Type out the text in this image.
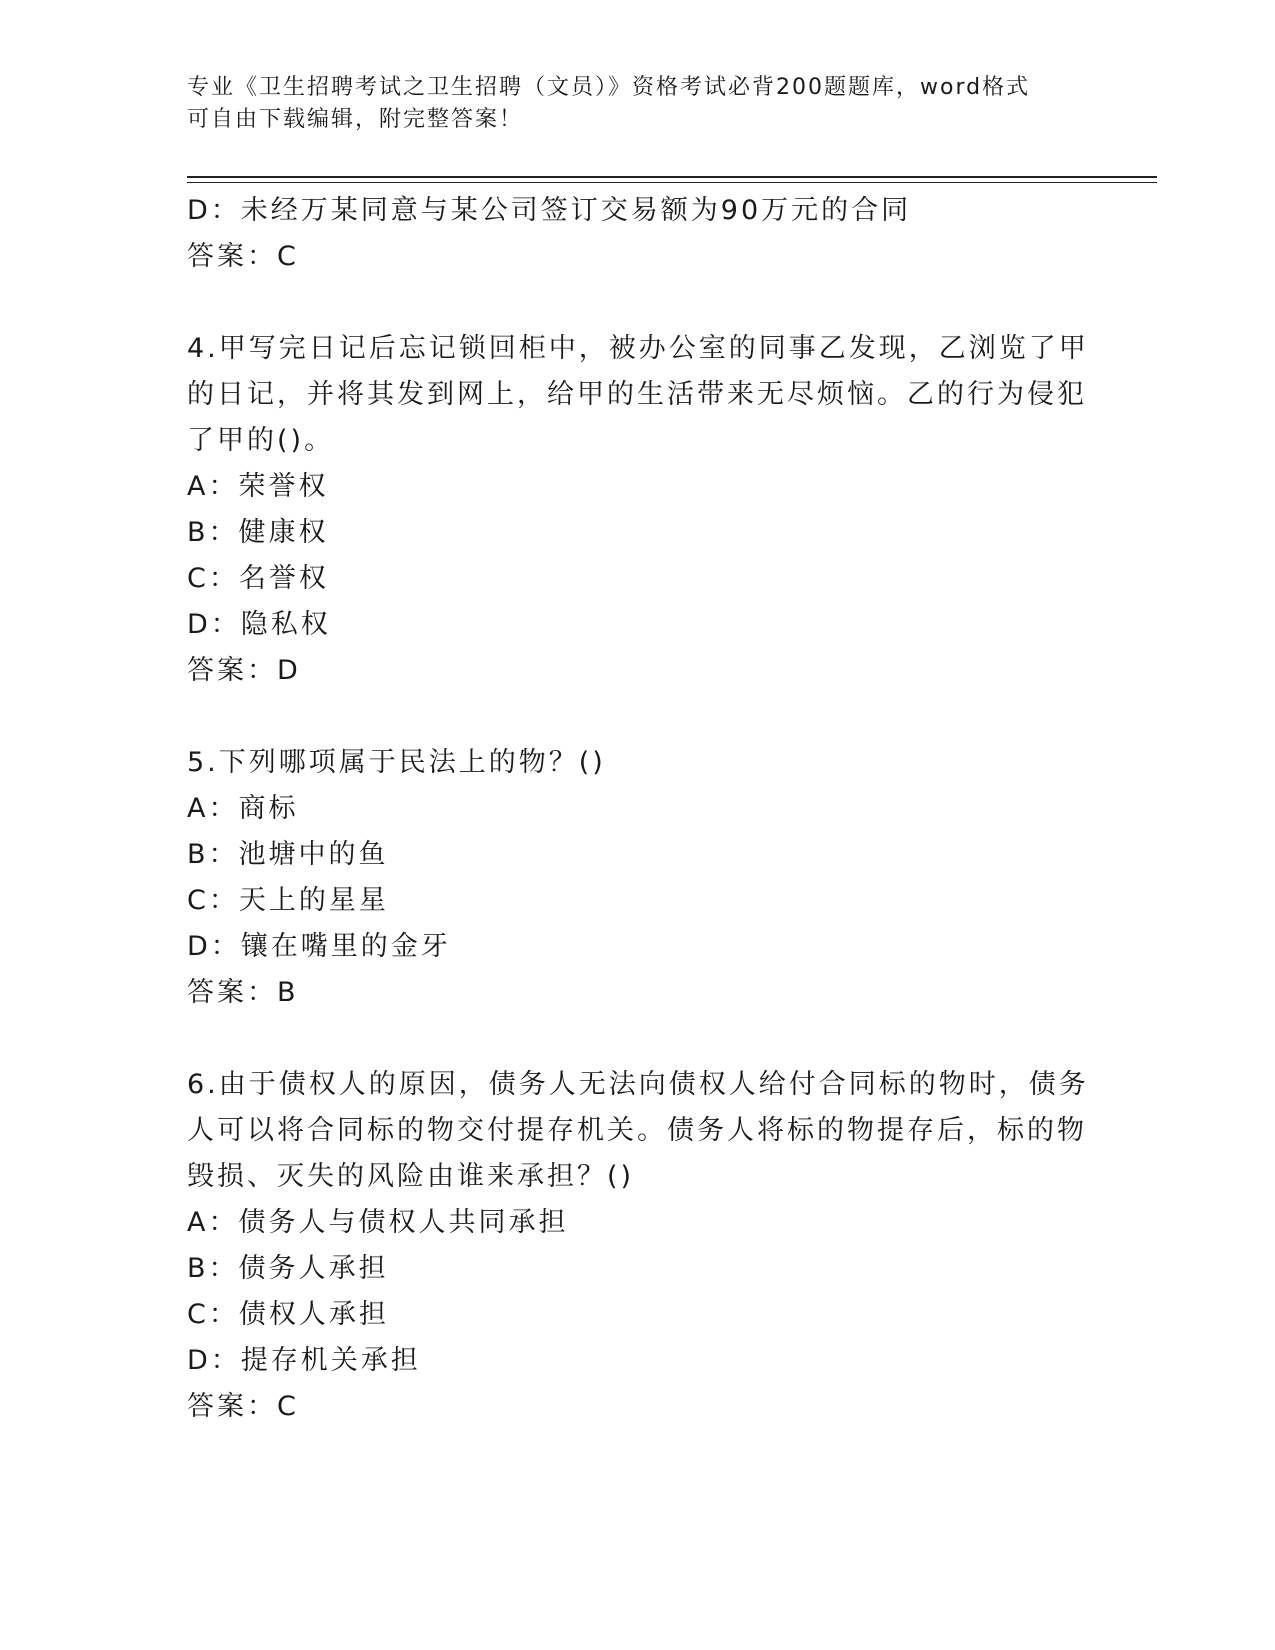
专业《卫生招聘考试之卫生招聘（文员）》资格考试必背200题题库，word格式
可自由下载编辑，附完整答案！
D：未经万某同意与某公司签订交易额为90万元的合同
答案：C
4.甲写完日记后忘记锁回柜中，被办公室的同事乙发现，乙浏览了甲
的日记，并将其发到网上，给甲的生活带来无尽烦恼。乙的行为侵犯
了甲的()。
A：荣誉权
B：健康权
C：名誉权
D：隐私权
答案：D
5.下列哪项属于民法上的物？()
A：商标
B：池塘中的鱼
C：天上的星星
D：镶在嘴里的金牙
答案：B
6.由于债权人的原因，债务人无法向债权人给付合同标的物时，债务
人可以将合同标的物交付提存机关。债务人将标的物提存后，标的物
毁损、灭失的风险由谁来承担？()
A：债务人与债权人共同承担
B：债务人承担
C：债权人承担
D：提存机关承担
答案：C
